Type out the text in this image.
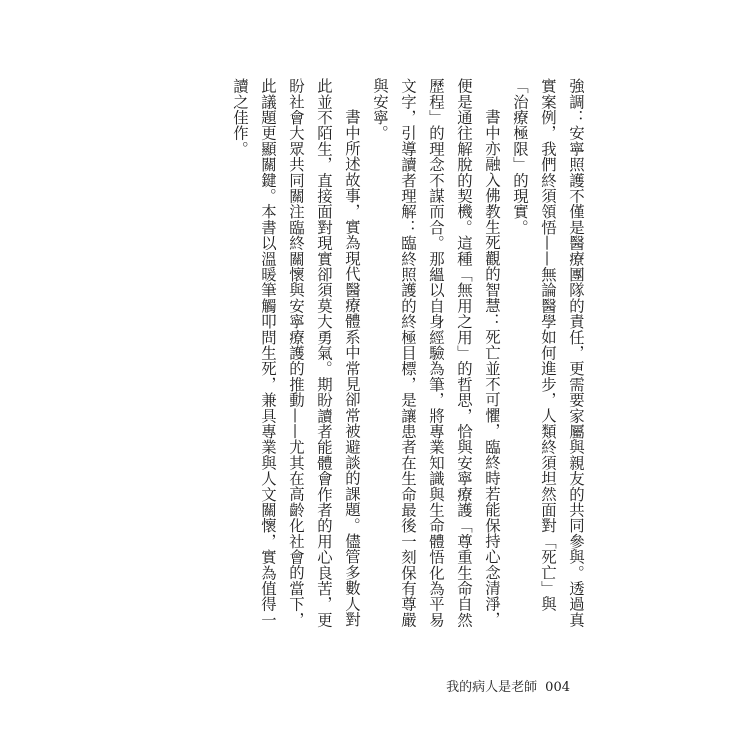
強調：安寧照護不僅是醫療團隊的責任，更需要家屬與親友的共同參與。透過真實案例，我們終須領悟——無論醫學如何進步，人類終須坦然面對「死亡」與「治療極限」的現實。

書中亦融入佛教生死觀的智慧：死亡並不可懼，臨終時若能保持心念清淨，便是通往解脫的契機。這種「無用之用」的哲思，恰與安寧療護「尊重生命自然歷程」的理念不謀而合。那縕以自身經驗為筆，將專業知識與生命體悟化為平易文字，引導讀者理解：臨終照護的終極目標，是讓患者在生命最後一刻保有尊嚴與安寧。

書中所述故事，實為現代醫療體系中常見卻常被避談的課題。儘管多數人對此並不陌生，直接面對現實卻須莫大勇氣。期盼讀者能體會作者的用心良苦，更盼社會大眾共同關注臨終關懷與安寧療護的推動——尤其在高齡化社會的當下，此議題更顯關鍵。本書以溫暖筆觸叩問生死，兼具專業與人文關懷，實為值得一讀之佳作。

我的病人是老師 004
